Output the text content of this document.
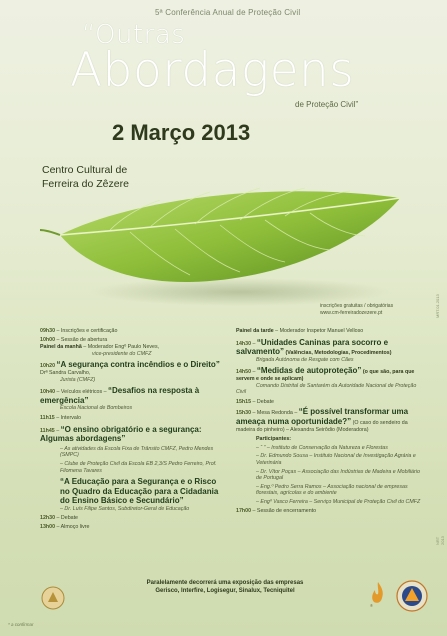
5ª Conferência Anual de Proteção Civil
“Outras
Abordagens
de Proteção Civil”
2 Março 2013
Centro Cultural de
Ferreira do Zêzere
inscrições gratuitas / obrigatórias
www.cm-ferreiradozezere.pt
09h30 – Inscrições e certificação
10h00 – Sessão de abertura
Painel da manhã – Moderador Engº Paulo Neves,
vice-presidente do CMFZ
10h20 “A segurança contra incêndios e o Direito” Drª Sandra Carvalho,
Jurista (CMFZ)
10h40 – Veículos elétricos – “Desafios na resposta à emergência”
Escola Nacional de Bombeiros
11h15 – Intervalo
11h45 – “O ensino obrigatório e a segurança: Algumas abordagens”
– As atividades da Escola Fixa de Trânsito CMFZ, Pedro Mendes (SMPC)
– Clube de Proteção Civil da Escola EB 2,3/S Pedro Ferreiro, Prof. Filomena Tavares
“A Educação para a Segurança e o Risco no Quadro da Educação para a Cidadania do Ensino Básico e Secundário”
– Dr. Luís Filipe Santos, Subdiretor-Geral de Educação
12h30 – Debate
13h00 – Almoço livre
Painel da tarde – Moderador Inspetor Manuel Velloso
14h30 – “Unidades Caninas para socorro e salvamento” (Valências, Metodologias, Procedimentos)
Brigada Autónoma de Resgate com Cães
14h50 – “Medidas de autoproteção” (o que são, para que servem e onde se aplicam)
Comando Distrital de Santarém da Autoridade Nacional de Proteção Civil
15h15 – Debate
15h30 – Mesa Redonda – “É possível transformar uma ameaça numa oportunidade?” (O caso do sendeiro da madeira do pinheiro) – Alexandra Seirôdio (Moderadora)
Participantes:
– “ ” – Instituto de Conservação da Natureza e Florestas
– Dr. Edmundo Sousa – Instituto Nacional de Investigação Agrária e Veterinária
– Dr. Vítor Poças – Associação das Indústrias de Madeira e Mobiliário de Portugal
– Eng.º Pedro Serra Ramos – Associação nacional de empresas florestais, agrícolas e do ambiente
– Engº Vasco Ferreira – Serviço Municipal de Proteção Civil do CMFZ
17h00 – Sessão de encerramento
®
Paralelamente decorrerá uma exposição das empresas
Gerisco, Interfire, Logisegur, Sinalux, Tecniquitel
* a confirmar
NRT 2013
MRT.01.2013
